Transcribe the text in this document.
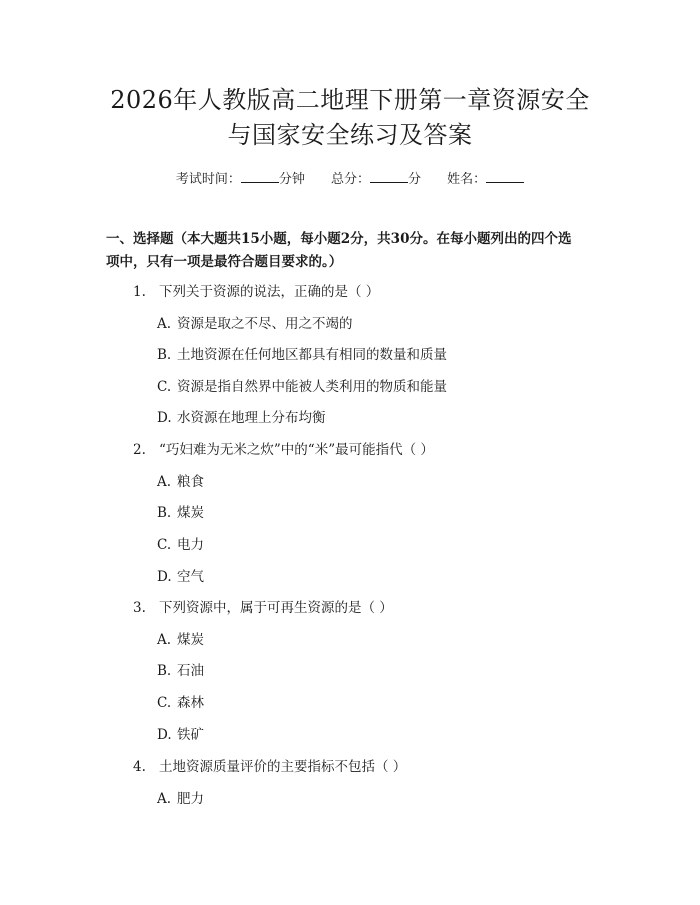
2026年人教版高二地理下册第一章资源安全
与国家安全练习及答案
考试时间：	分钟 总分：	分 姓名：
一、选择题（本大题共15小题，每小题2分，共30分。在每小题列出的四个选
项中，只有一项是最符合题目要求的。）
1. 下列关于资源的说法，正确的是（ ）
A. 资源是取之不尽、用之不竭的
B. 土地资源在任何地区都具有相同的数量和质量
C. 资源是指自然界中能被人类利用的物质和能量
D. 水资源在地理上分布均衡
2. “巧妇难为无米之炊”中的“米”最可能指代（ ）
A. 粮食
B. 煤炭
C. 电力
D. 空气
3. 下列资源中，属于可再生资源的是（ ）
A. 煤炭
B. 石油
C. 森林
D. 铁矿
4. 土地资源质量评价的主要指标不包括（ ）
A. 肥力
